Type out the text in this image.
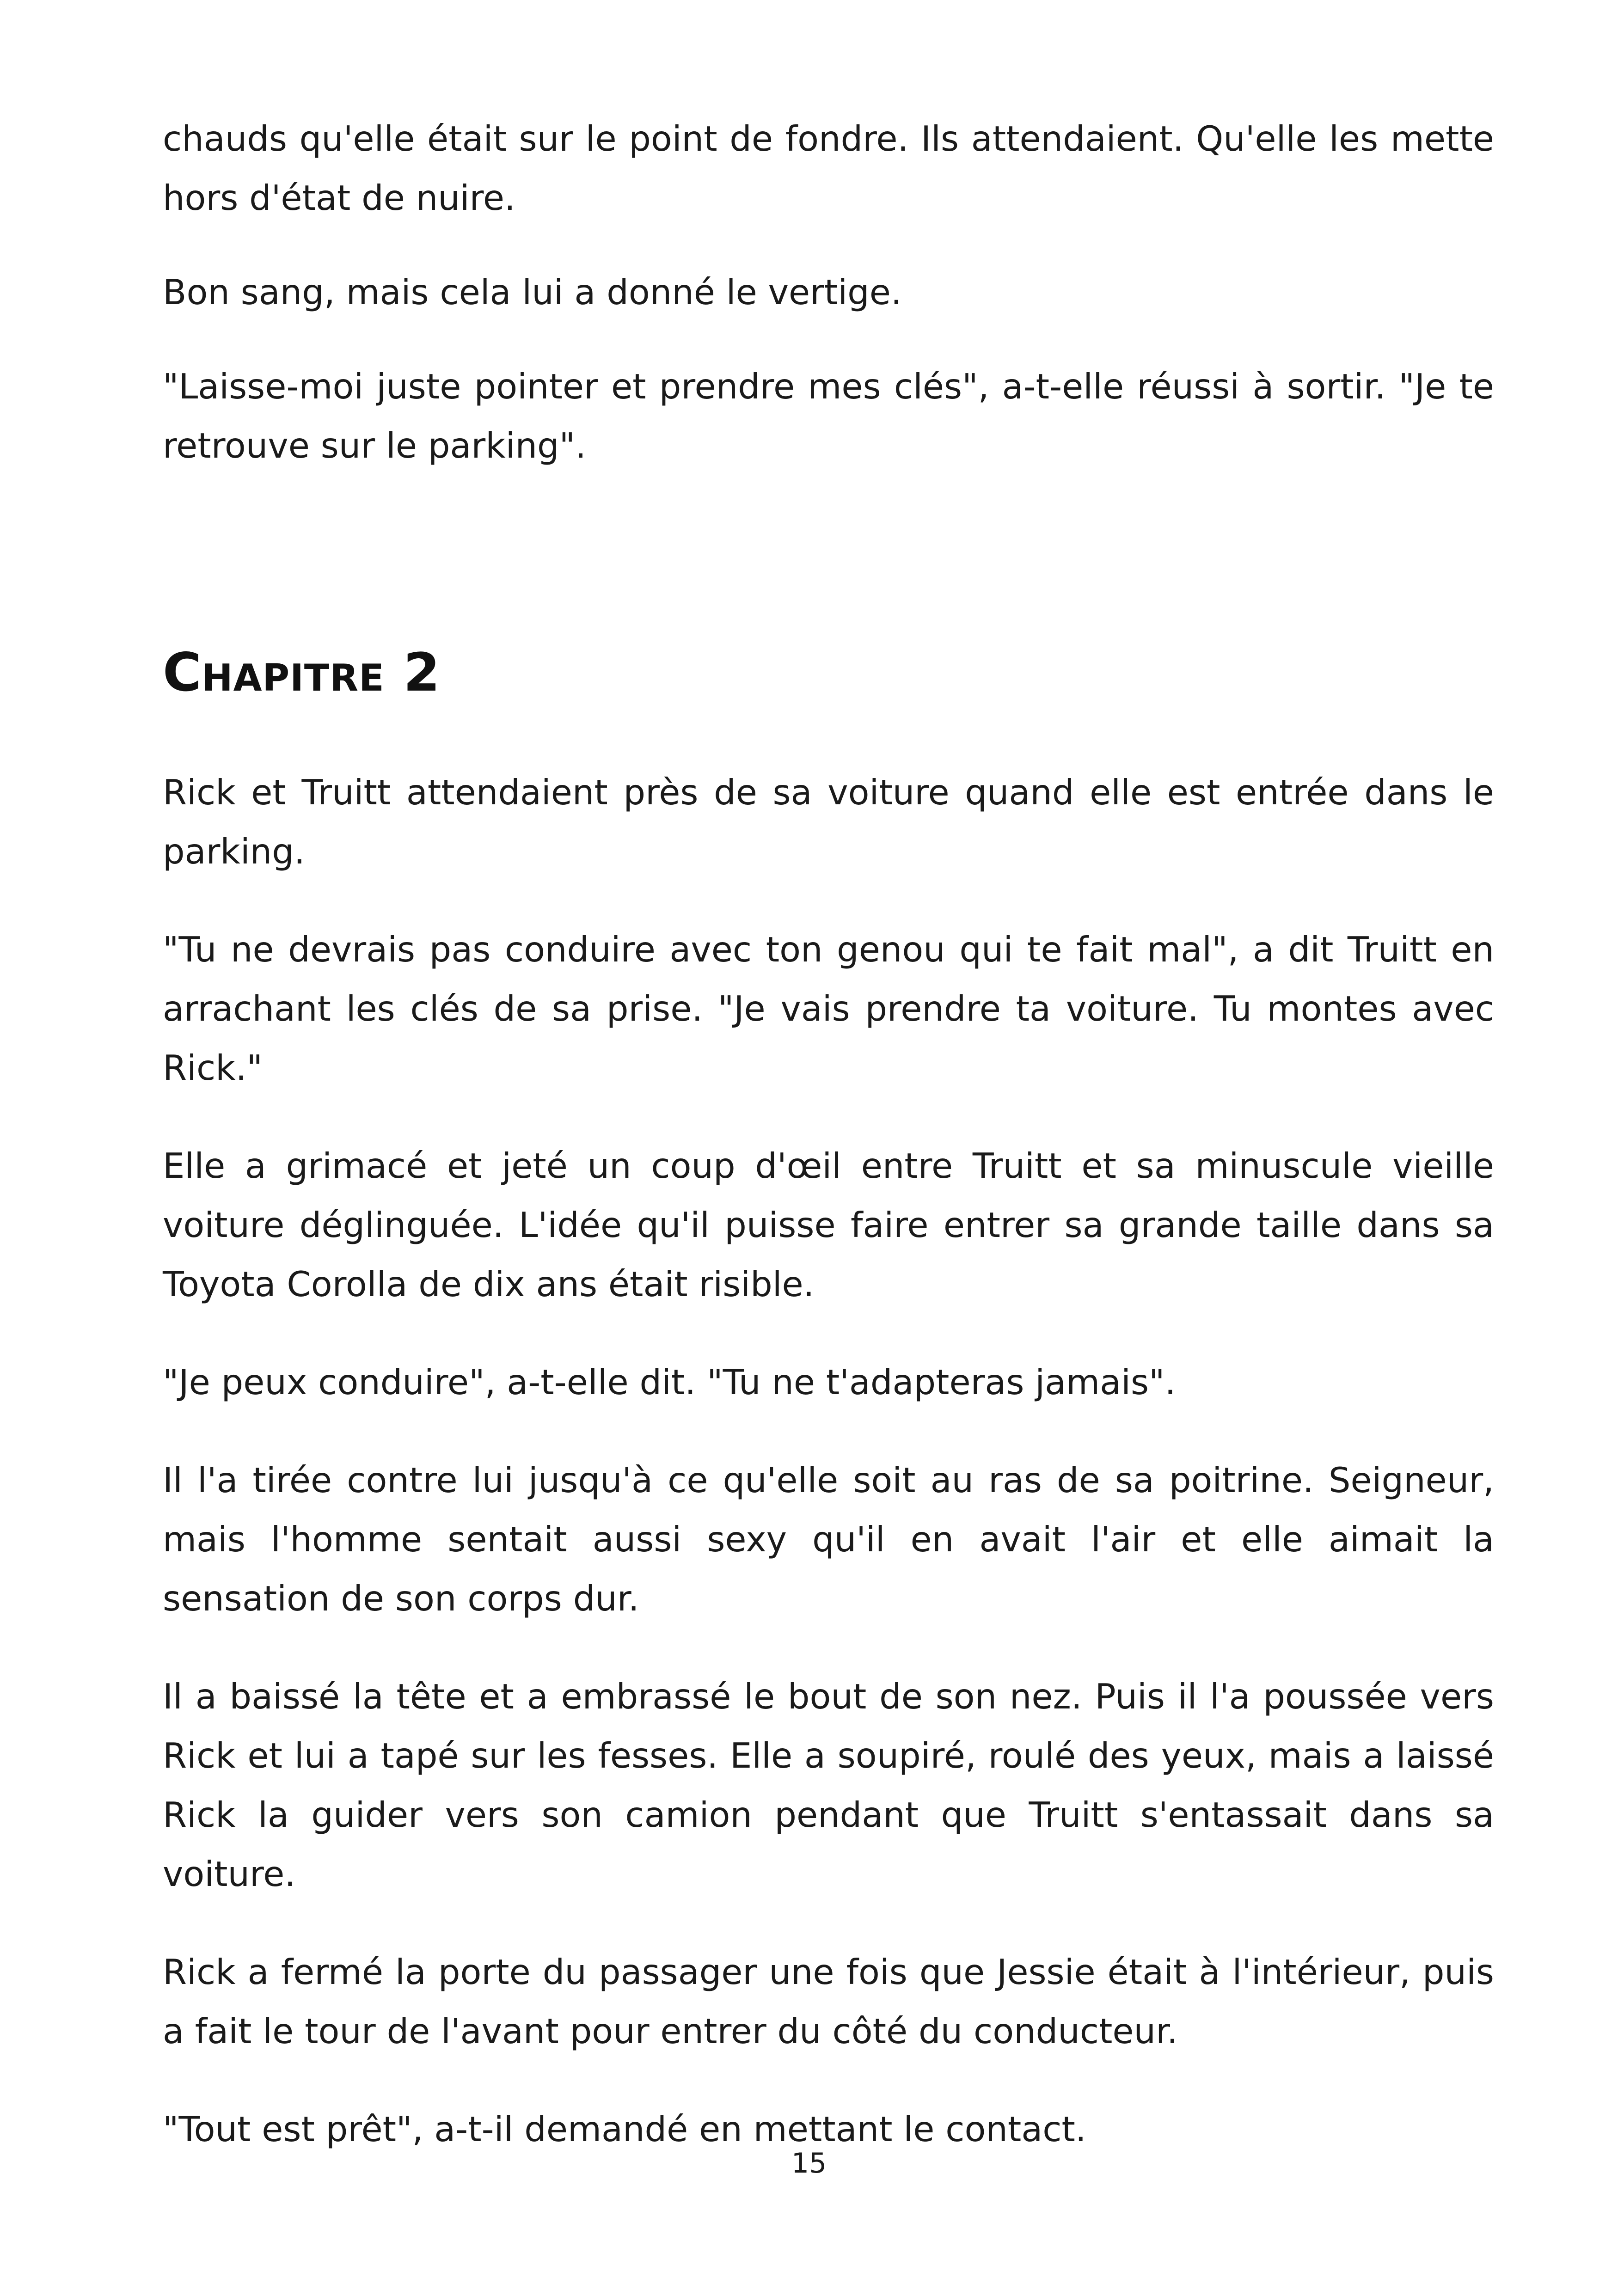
chauds qu'elle était sur le point de fondre. Ils attendaient. Qu'elle les mette hors d'état de nuire.

Bon sang, mais cela lui a donné le vertige.

"Laisse-moi juste pointer et prendre mes clés", a-t-elle réussi à sortir. "Je te retrouve sur le parking".

Chapitre 2

Rick et Truitt attendaient près de sa voiture quand elle est entrée dans le parking.

"Tu ne devrais pas conduire avec ton genou qui te fait mal", a dit Truitt en arrachant les clés de sa prise. "Je vais prendre ta voiture. Tu montes avec Rick."

Elle a grimacé et jeté un coup d'œil entre Truitt et sa minuscule vieille voiture déglinguée. L'idée qu'il puisse faire entrer sa grande taille dans sa Toyota Corolla de dix ans était risible.

"Je peux conduire", a-t-elle dit. "Tu ne t'adapteras jamais".

Il l'a tirée contre lui jusqu'à ce qu'elle soit au ras de sa poitrine. Seigneur, mais l'homme sentait aussi sexy qu'il en avait l'air et elle aimait la sensation de son corps dur.

Il a baissé la tête et a embrassé le bout de son nez. Puis il l'a poussée vers Rick et lui a tapé sur les fesses. Elle a soupiré, roulé des yeux, mais a laissé Rick la guider vers son camion pendant que Truitt s'entassait dans sa voiture.

Rick a fermé la porte du passager une fois que Jessie était à l'intérieur, puis a fait le tour de l'avant pour entrer du côté du conducteur.

"Tout est prêt", a-t-il demandé en mettant le contact.

15
